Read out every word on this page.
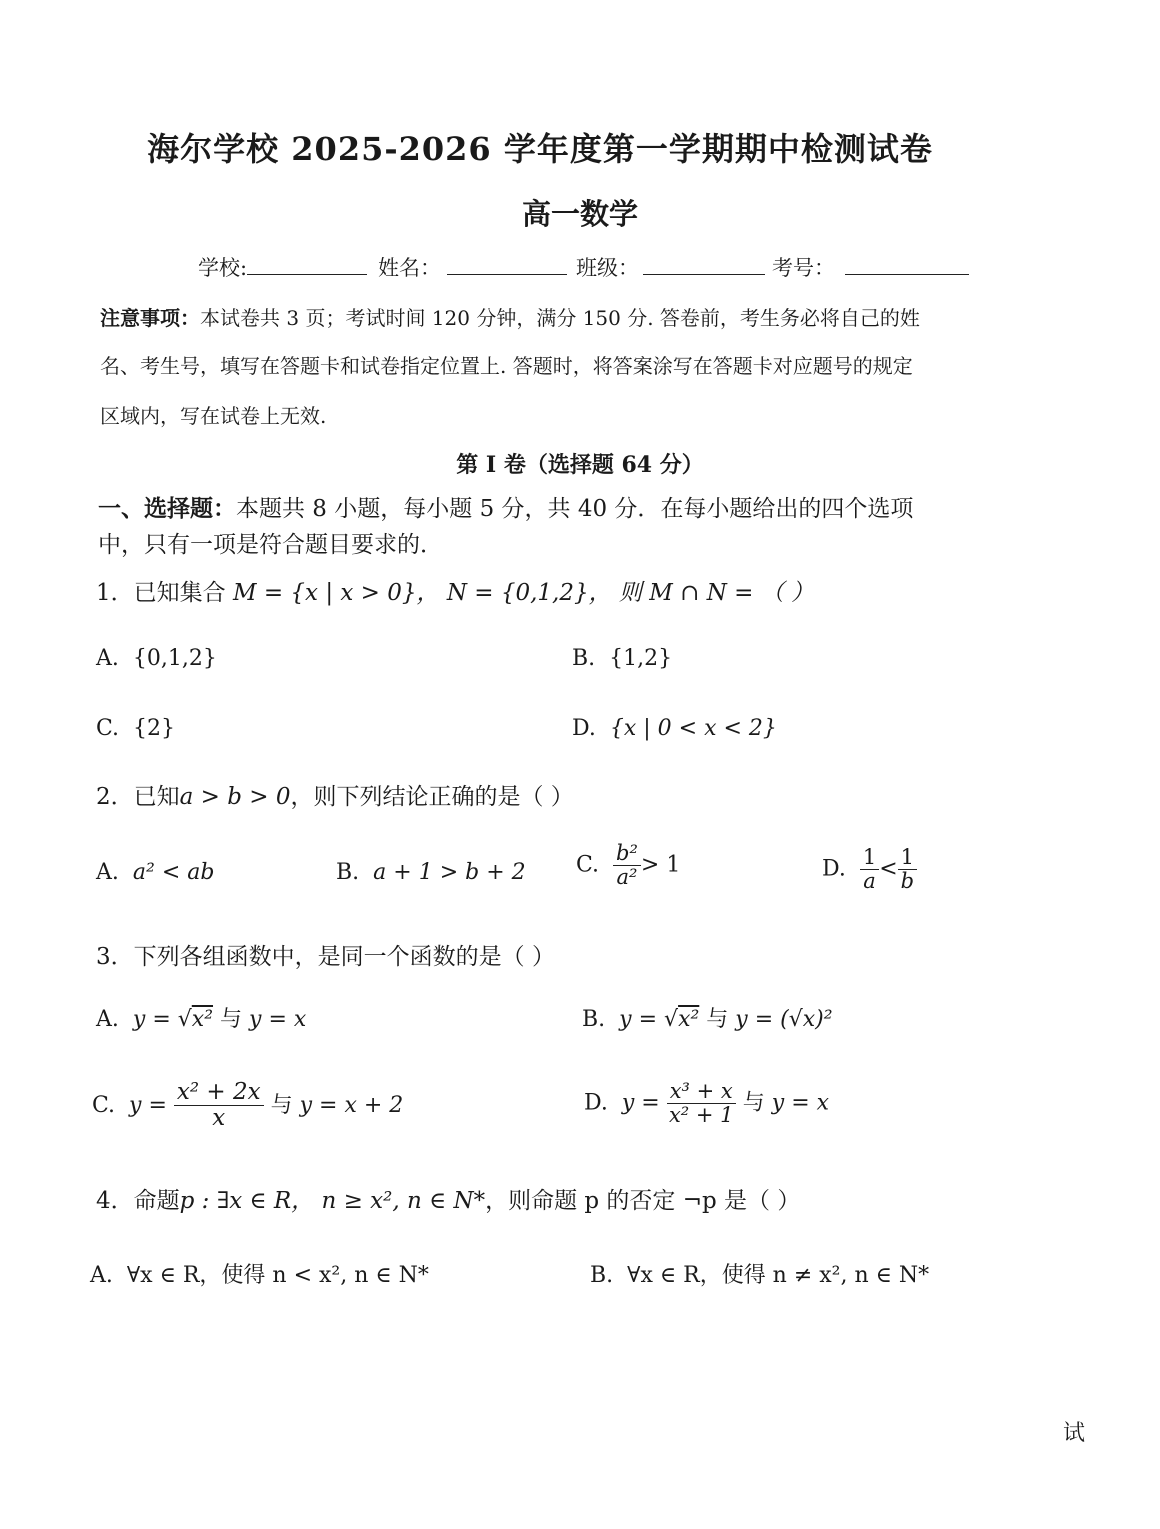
海尔学校 2025-2026 学年度第一学期期中检测试卷
高一数学
学校:	姓名：	班级：	考号：
注意事项：本试卷共 3 页；考试时间 120 分钟，满分 150 分. 答卷前，考生务必将自己的姓
名、考生号，填写在答题卡和试卷指定位置上. 答题时，将答案涂写在答题卡对应题号的规定
区域内，写在试卷上无效.
第 I 卷（选择题 64 分）
一、选择题：本题共 8 小题，每小题 5 分，共 40 分．在每小题给出的四个选项
中，只有一项是符合题目要求的．
1．已知集合 M = {x | x > 0}， N = {0,1,2}， 则 M ∩ N = （ ）
A. {0,1,2}	B. {1,2}
C. {2}	D. {x | 0 < x < 2}
2．已知a > b > 0，则下列结论正确的是（ ）
A. a² < ab	B. a + 1 > b + 2 C. $\frac{\text{b²}}{\text{a²}} > 1$	D. $\frac{1}{a} < \frac{1}{b}$
3．下列各组函数中，是同一个函数的是（ ）
A. y = √x² 与 y = x	B. y = √x² 与 y = (√x)²
C. $y = \frac{\text{x² + 2x}}{x}$ 与 y = x + 2	D. $y = \frac{\text{x³ + x}}{\text{x² + 1}}$ 与 y = x
4．命题p : ∃x ∈ R， n ≥ x², n ∈ N*，则命题 p 的否定 ¬p 是（ ）
A. ∀x ∈ R，使得 n < x², n ∈ N*	B. ∀x ∈ R，使得 n ≠ x², n ∈ N*
试
